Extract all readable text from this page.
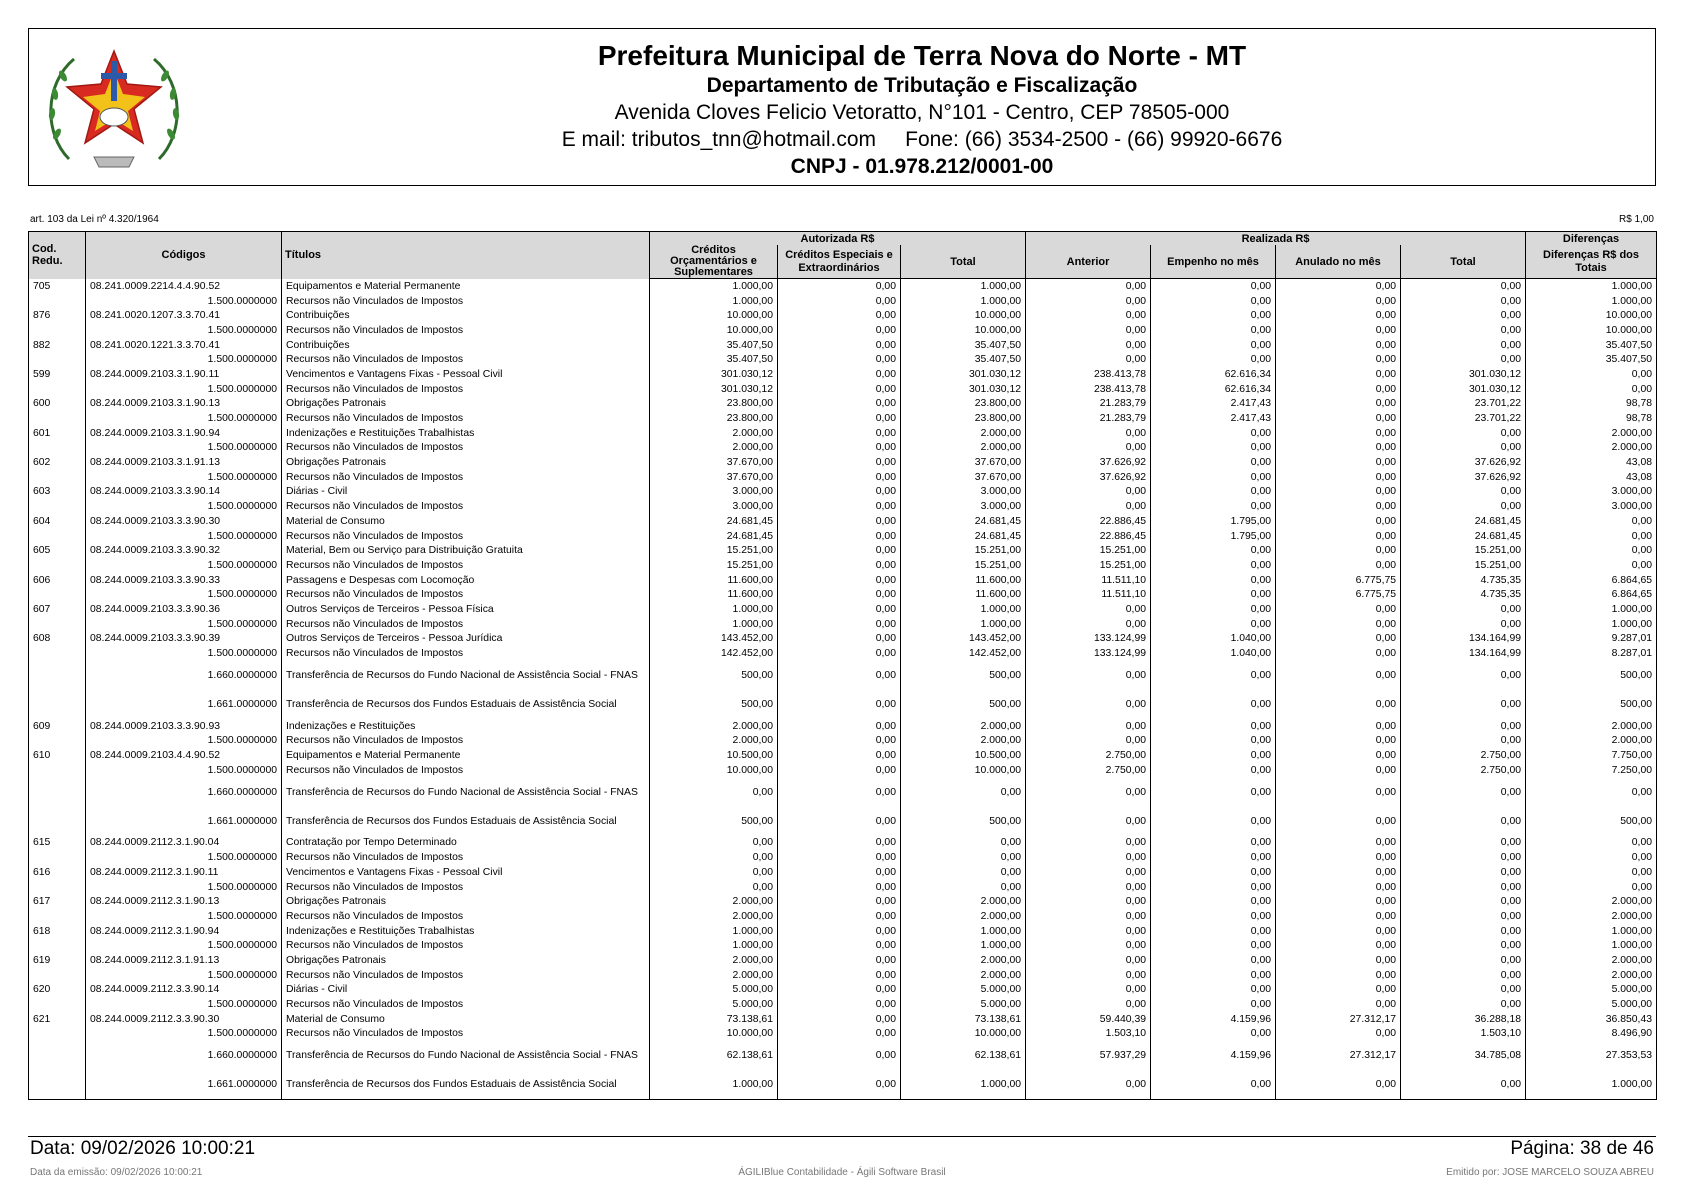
Prefeitura Municipal de Terra Nova do Norte - MT
Departamento de Tributação e Fiscalização
Avenida Cloves Felicio Vetoratto, N°101 - Centro, CEP 78505-000
E mail: tributos_tnn@hotmail.com     Fone: (66) 3534-2500 - (66) 99920-6676
CNPJ - 01.978.212/0001-00
art. 103 da Lei nº 4.320/1964	R$ 1,00
Cod. Redu.	Códigos	Títulos	Autorizada R$			Realizada R$				Diferenças
			Créditos Orçamentários e Suplementares	Créditos Especiais e Extraordinários	Total	Anterior	Empenho no mês	Anulado no mês	Total	Diferenças R$ dos Totais
705	08.241.0009.2214.4.4.90.52	Equipamentos e Material Permanente	1.000,00	0,00	1.000,00	0,00	0,00	0,00	0,00	1.000,00
	1.500.0000000	Recursos não Vinculados de Impostos	1.000,00	0,00	1.000,00	0,00	0,00	0,00	0,00	1.000,00
876	08.241.0020.1207.3.3.70.41	Contribuições	10.000,00	0,00	10.000,00	0,00	0,00	0,00	0,00	10.000,00
	1.500.0000000	Recursos não Vinculados de Impostos	10.000,00	0,00	10.000,00	0,00	0,00	0,00	0,00	10.000,00
882	08.241.0020.1221.3.3.70.41	Contribuições	35.407,50	0,00	35.407,50	0,00	0,00	0,00	0,00	35.407,50
	1.500.0000000	Recursos não Vinculados de Impostos	35.407,50	0,00	35.407,50	0,00	0,00	0,00	0,00	35.407,50
599	08.244.0009.2103.3.1.90.11	Vencimentos e Vantagens Fixas - Pessoal Civil	301.030,12	0,00	301.030,12	238.413,78	62.616,34	0,00	301.030,12	0,00
	1.500.0000000	Recursos não Vinculados de Impostos	301.030,12	0,00	301.030,12	238.413,78	62.616,34	0,00	301.030,12	0,00
600	08.244.0009.2103.3.1.90.13	Obrigações Patronais	23.800,00	0,00	23.800,00	21.283,79	2.417,43	0,00	23.701,22	98,78
	1.500.0000000	Recursos não Vinculados de Impostos	23.800,00	0,00	23.800,00	21.283,79	2.417,43	0,00	23.701,22	98,78
601	08.244.0009.2103.3.1.90.94	Indenizações e Restituições Trabalhistas	2.000,00	0,00	2.000,00	0,00	0,00	0,00	0,00	2.000,00
	1.500.0000000	Recursos não Vinculados de Impostos	2.000,00	0,00	2.000,00	0,00	0,00	0,00	0,00	2.000,00
602	08.244.0009.2103.3.1.91.13	Obrigações Patronais	37.670,00	0,00	37.670,00	37.626,92	0,00	0,00	37.626,92	43,08
	1.500.0000000	Recursos não Vinculados de Impostos	37.670,00	0,00	37.670,00	37.626,92	0,00	0,00	37.626,92	43,08
603	08.244.0009.2103.3.3.90.14	Diárias - Civil	3.000,00	0,00	3.000,00	0,00	0,00	0,00	0,00	3.000,00
	1.500.0000000	Recursos não Vinculados de Impostos	3.000,00	0,00	3.000,00	0,00	0,00	0,00	0,00	3.000,00
604	08.244.0009.2103.3.3.90.30	Material de Consumo	24.681,45	0,00	24.681,45	22.886,45	1.795,00	0,00	24.681,45	0,00
	1.500.0000000	Recursos não Vinculados de Impostos	24.681,45	0,00	24.681,45	22.886,45	1.795,00	0,00	24.681,45	0,00
605	08.244.0009.2103.3.3.90.32	Material, Bem ou Serviço para Distribuição Gratuita	15.251,00	0,00	15.251,00	15.251,00	0,00	0,00	15.251,00	0,00
	1.500.0000000	Recursos não Vinculados de Impostos	15.251,00	0,00	15.251,00	15.251,00	0,00	0,00	15.251,00	0,00
606	08.244.0009.2103.3.3.90.33	Passagens e Despesas com Locomoção	11.600,00	0,00	11.600,00	11.511,10	0,00	6.775,75	4.735,35	6.864,65
	1.500.0000000	Recursos não Vinculados de Impostos	11.600,00	0,00	11.600,00	11.511,10	0,00	6.775,75	4.735,35	6.864,65
607	08.244.0009.2103.3.3.90.36	Outros Serviços de Terceiros - Pessoa Física	1.000,00	0,00	1.000,00	0,00	0,00	0,00	0,00	1.000,00
	1.500.0000000	Recursos não Vinculados de Impostos	1.000,00	0,00	1.000,00	0,00	0,00	0,00	0,00	1.000,00
608	08.244.0009.2103.3.3.90.39	Outros Serviços de Terceiros - Pessoa Jurídica	143.452,00	0,00	143.452,00	133.124,99	1.040,00	0,00	134.164,99	9.287,01
	1.500.0000000	Recursos não Vinculados de Impostos	142.452,00	0,00	142.452,00	133.124,99	1.040,00	0,00	134.164,99	8.287,01
	1.660.0000000	Transferência de Recursos do Fundo Nacional de Assistência Social - FNAS	500,00	0,00	500,00	0,00	0,00	0,00	0,00	500,00
	1.661.0000000	Transferência de Recursos dos Fundos Estaduais de Assistência Social	500,00	0,00	500,00	0,00	0,00	0,00	0,00	500,00
609	08.244.0009.2103.3.3.90.93	Indenizações e Restituições	2.000,00	0,00	2.000,00	0,00	0,00	0,00	0,00	2.000,00
	1.500.0000000	Recursos não Vinculados de Impostos	2.000,00	0,00	2.000,00	0,00	0,00	0,00	0,00	2.000,00
610	08.244.0009.2103.4.4.90.52	Equipamentos e Material Permanente	10.500,00	0,00	10.500,00	2.750,00	0,00	0,00	2.750,00	7.750,00
	1.500.0000000	Recursos não Vinculados de Impostos	10.000,00	0,00	10.000,00	2.750,00	0,00	0,00	2.750,00	7.250,00
	1.660.0000000	Transferência de Recursos do Fundo Nacional de Assistência Social - FNAS	0,00	0,00	0,00	0,00	0,00	0,00	0,00	0,00
	1.661.0000000	Transferência de Recursos dos Fundos Estaduais de Assistência Social	500,00	0,00	500,00	0,00	0,00	0,00	0,00	500,00
615	08.244.0009.2112.3.1.90.04	Contratação por Tempo Determinado	0,00	0,00	0,00	0,00	0,00	0,00	0,00	0,00
	1.500.0000000	Recursos não Vinculados de Impostos	0,00	0,00	0,00	0,00	0,00	0,00	0,00	0,00
616	08.244.0009.2112.3.1.90.11	Vencimentos e Vantagens Fixas - Pessoal Civil	0,00	0,00	0,00	0,00	0,00	0,00	0,00	0,00
	1.500.0000000	Recursos não Vinculados de Impostos	0,00	0,00	0,00	0,00	0,00	0,00	0,00	0,00
617	08.244.0009.2112.3.1.90.13	Obrigações Patronais	2.000,00	0,00	2.000,00	0,00	0,00	0,00	0,00	2.000,00
	1.500.0000000	Recursos não Vinculados de Impostos	2.000,00	0,00	2.000,00	0,00	0,00	0,00	0,00	2.000,00
618	08.244.0009.2112.3.1.90.94	Indenizações e Restituições Trabalhistas	1.000,00	0,00	1.000,00	0,00	0,00	0,00	0,00	1.000,00
	1.500.0000000	Recursos não Vinculados de Impostos	1.000,00	0,00	1.000,00	0,00	0,00	0,00	0,00	1.000,00
619	08.244.0009.2112.3.1.91.13	Obrigações Patronais	2.000,00	0,00	2.000,00	0,00	0,00	0,00	0,00	2.000,00
	1.500.0000000	Recursos não Vinculados de Impostos	2.000,00	0,00	2.000,00	0,00	0,00	0,00	0,00	2.000,00
620	08.244.0009.2112.3.3.90.14	Diárias - Civil	5.000,00	0,00	5.000,00	0,00	0,00	0,00	0,00	5.000,00
	1.500.0000000	Recursos não Vinculados de Impostos	5.000,00	0,00	5.000,00	0,00	0,00	0,00	0,00	5.000,00
621	08.244.0009.2112.3.3.90.30	Material de Consumo	73.138,61	0,00	73.138,61	59.440,39	4.159,96	27.312,17	36.288,18	36.850,43
	1.500.0000000	Recursos não Vinculados de Impostos	10.000,00	0,00	10.000,00	1.503,10	0,00	0,00	1.503,10	8.496,90
	1.660.0000000	Transferência de Recursos do Fundo Nacional de Assistência Social - FNAS	62.138,61	0,00	62.138,61	57.937,29	4.159,96	27.312,17	34.785,08	27.353,53
	1.661.0000000	Transferência de Recursos dos Fundos Estaduais de Assistência Social	1.000,00	0,00	1.000,00	0,00	0,00	0,00	0,00	1.000,00
Data: 09/02/2026 10:00:21	Página: 38 de 46
Data da emissão: 09/02/2026 10:00:21	ÁGILIBlue Contabilidade - Ágili Software Brasil	Emitido por: JOSE MARCELO SOUZA ABREU
